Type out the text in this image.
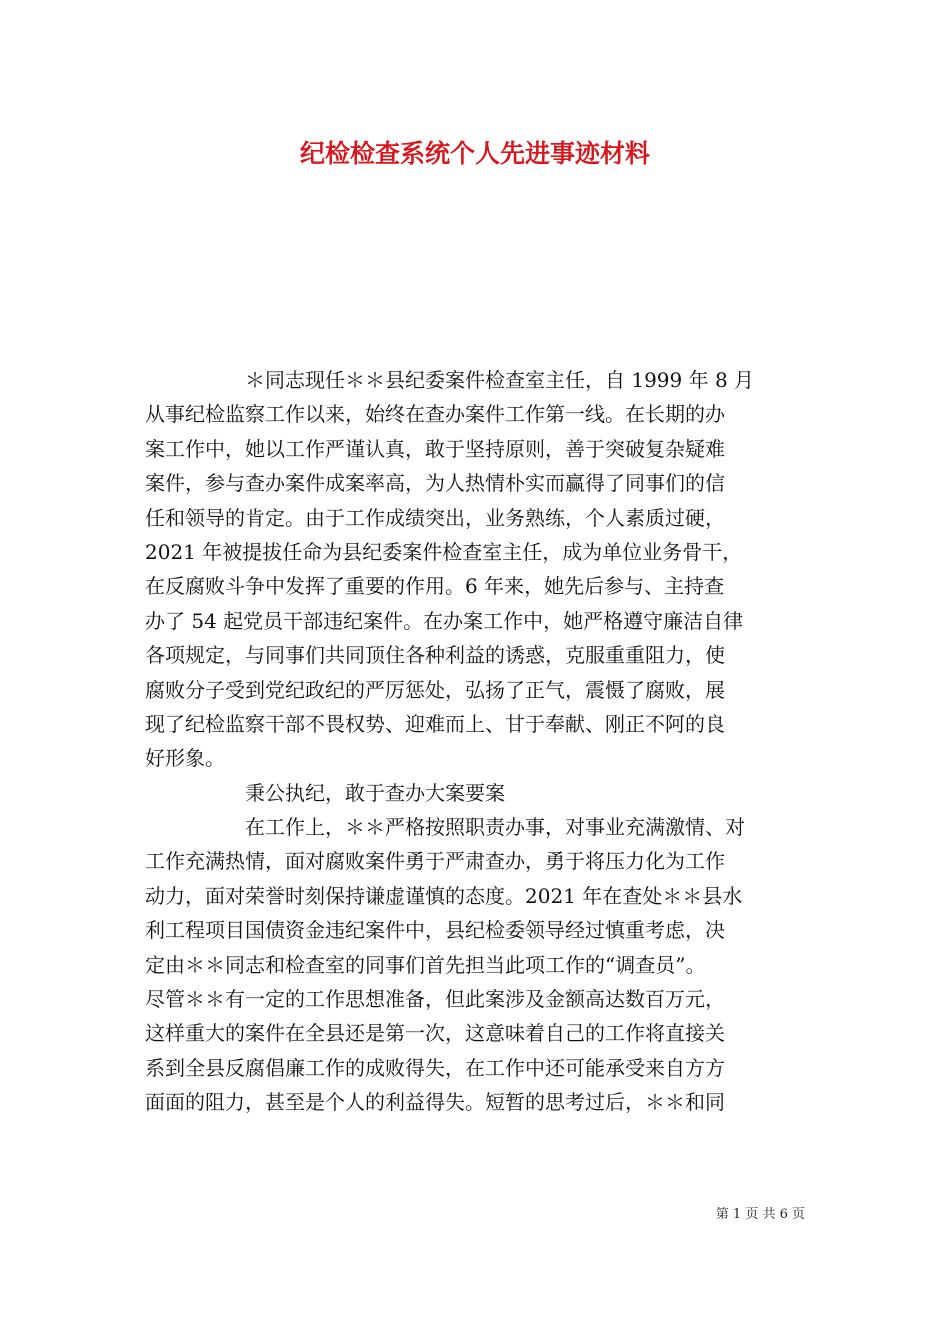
纪检检查系统个人先进事迹材料
＊同志现任＊＊县纪委案件检查室主任，自 1999 年 8 月
从事纪检监察工作以来，始终在查办案件工作第一线。在长期的办
案工作中，她以工作严谨认真，敢于坚持原则，善于突破复杂疑难
案件，参与查办案件成案率高，为人热情朴实而赢得了同事们的信
任和领导的肯定。由于工作成绩突出，业务熟练，个人素质过硬，
2021 年被提拔任命为县纪委案件检查室主任，成为单位业务骨干，
在反腐败斗争中发挥了重要的作用。6 年来，她先后参与、主持查
办了 54 起党员干部违纪案件。在办案工作中，她严格遵守廉洁自律
各项规定，与同事们共同顶住各种利益的诱惑，克服重重阻力，使
腐败分子受到党纪政纪的严厉惩处，弘扬了正气，震慑了腐败，展
现了纪检监察干部不畏权势、迎难而上、甘于奉献、刚正不阿的良
好形象。
秉公执纪，敢于查办大案要案
在工作上，＊＊严格按照职责办事，对事业充满激情、对
工作充满热情，面对腐败案件勇于严肃查办，勇于将压力化为工作
动力，面对荣誉时刻保持谦虚谨慎的态度。2021 年在查处＊＊县水
利工程项目国债资金违纪案件中，县纪检委领导经过慎重考虑，决
定由＊＊同志和检查室的同事们首先担当此项工作的“调查员”。
尽管＊＊有一定的工作思想准备，但此案涉及金额高达数百万元，
这样重大的案件在全县还是第一次，这意味着自己的工作将直接关
系到全县反腐倡廉工作的成败得失，在工作中还可能承受来自方方
面面的阻力，甚至是个人的利益得失。短暂的思考过后，＊＊和同
第 1 页 共 6 页
